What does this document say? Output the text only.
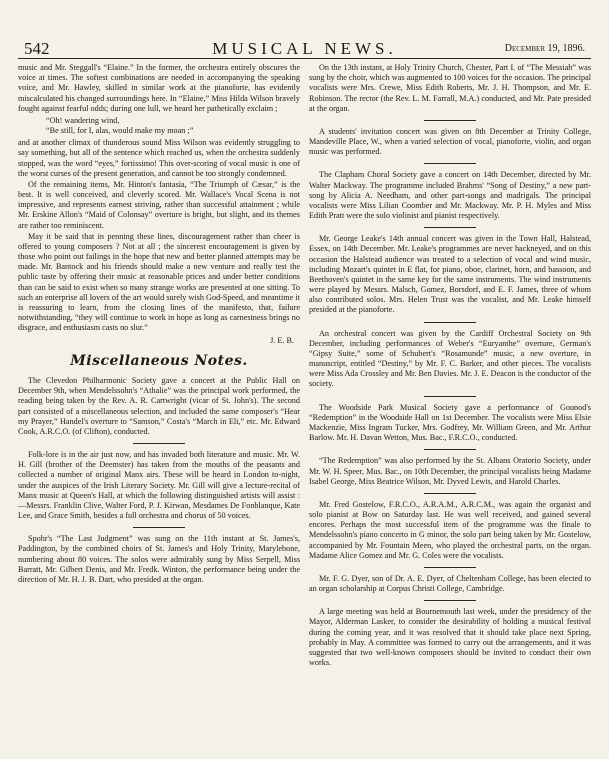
542	MUSICAL NEWS.	December 19, 1896.

music and Mr. Steggall's “Elaine.” In the former, the orchestra entirely obscures the voice at times. The softest combinations are needed in accompanying the speaking voice, and Mr. Hawley, skilled in similar work at the pianoforte, has evidently miscalculated his changed surroundings here. In “Elaine,” Miss Hilda Wilson bravely fought against fearful odds; during one lull, we heard her pathetically exclaim ;

“Oh! wandering wind,
“Be still, for I, alas, would make my moan ;”

and at another climax of thunderous sound Miss Wilson was evidently struggling to say something, but all of the sentence which reached us, when the orchestra suddenly stopped, was the word “eyes,” fortissimo! This over-scoring of vocal music is one of the worst curses of the present generation, and cannot be too strongly condemned.

Of the remaining items, Mr. Hinton's fantasia, “The Triumph of Cæsar,” is the best. It is well conceived, and cleverly scored. Mr. Wallace's Vocal Scena is not impressive, and represents earnest striving, rather than successful attainment ; while Mr. Erskine Allon's “Maid of Colonsay” overture is bright, but slight, and its themes are rather too reminiscent.

May it be said that in penning these lines, discouragement rather than cheer is offered to young composers ? Not at all ; the sincerest encouragement is given by those who point out failings in the hope that new and better planned attempts may be made. Mr. Bantock and his friends should make a new venture and really test the public taste by offering their music at reasonable prices and under better conditions than can be said to exist when so many strange works are presented at one sitting. To such an enterprise all lovers of the art would surely wish God-Speed, and meantime it is reassuring to learn, from the closing lines of the manifesto, that, failure notwithstanding, “they will continue to work in hope as long as carnestness brings no disgrace, and enthusiasm casts no slur.”

J. E. B.
Miscellaneous Notes.

The Clevedon Philharmonic Society gave a concert at the Public Hall on December 9th, when Mendelssohn's “Athalie” was the principal work performed, the reading being taken by the Rev. A. R. Cartwright (vicar of St. John's). The second part consisted of a miscellaneous selection, and included the same composer's “Hear my Prayer,” Handel's overture to “Samson,” Costa's “March in Eli,” etc. Mr. Edward Cook, A.R.C.O. (of Clifton), conducted.

Folk-lore is in the air just now, and has invaded both literature and music. Mr. W. H. Gill (brother of the Deemster) has taken from the mouths of the peasants and collected a number of original Manx airs. These will be heard in London to-night, under the auspices of the Irish Literary Society. Mr. Gill will give a lecture-recital of Manx music at Queen's Hall, at which the following distinguished artists will assist :—Messrs. Franklin Clive, Walter Ford, P. J. Kirwan, Mesdames De Fonblanque, Kate Lee, and Grace Smith, besides a full orchestra and chorus of 50 voices.

Spohr's “The Last Judgment” was sung on the 11th instant at St. James's, Paddington, by the combined choirs of St. James's and Holy Trinity, Marylebone, numbering about 80 voices. The solos were admirably sung by Miss Serpell, Miss Barratt, Mr. Gilbert Denis, and Mr. Fredk. Winton, the performance being under the direction of Mr. H. J. B. Dart, who presided at the organ.

On the 13th instant, at Holy Trinity Church, Chester, Part I. of “The Messiah” was sung by the choir, which was augmented to 100 voices for the occasion. The principal vocalists were Mrs. Crewe, Miss Edith Roberts, Mr. J. H. Thompson, and Mr. E. Robinson. The rector (the Rev. L. M. Farrall, M.A.) conducted, and Mr. Pate presided at the organ.

A students' invitation concert was given on 8th December at Trinity College, Mandeville Place, W., when a varied selection of vocal, pianoforte, violin, and organ music was performed.

The Clapham Choral Society gave a concert on 14th December, directed by Mr. Walter Mackway. The programme included Brahms' “Song of Destiny,” a new part-song by Alicia A. Needham, and other part-songs and madrigals. The principal vocalists were Miss Lilian Coomber and Mr. Mackway. Mr. P. H. Myles and Miss Edith Pratt were the solo violinist and pianist respectively.

Mr. George Leake's 14th annual concert was given in the Town Hall, Halstead, Essex, on 14th December. Mr. Leake's programmes are never hackneyed, and on this occasion the Halstead audience was treated to a selection of vocal and wind music, including Mozart's quintet in E flat, for piano, oboe, clarinet, horn, and bassoon, and Beethoven's quintet in the same key for the same instruments. The wind instruments were played by Messrs. Malsch, Gomez, Borsdorf, and E. F. James, three of whom also contributed solos. Mrs. Helen Trust was the vocalist, and Mr. Leake himself presided at the pianoforte.

An orchestral concert was given by the Cardiff Orchestral Society on 9th December, including performances of Weber's “Euryanthe” overture, German's “Gipsy Suite,” some of Schubert's “Rosamunde” music, a new overture, in manuscript, entitled “Destiny,” by Mr. F. C. Barker, and other pieces. The vocalists were Miss Ada Crossley and Mr. Ben Davies. Mr. J. E. Deacon is the conductor of the society.

The Woodside Park Musical Society gave a performance of Gounod's “Redemption” in the Woodside Hall on 1st December. The vocalists were Miss Elsie Mackenzie, Miss Ingram Tucker, Mrs. Godfrey, Mr. William Green, and Mr. Arthur Barlow. Mr. H. Davan Wetton, Mus. Bac., F.R.C.O., conducted.

“The Redemption” was also performed by the St. Albans Oratorio Society, under Mr. W. H. Speer, Mus. Bac., on 10th December, the principal vocalists being Madame Isabel George, Miss Beatrice Wilson, Mr. Dyved Lewis, and Harold Charles.

Mr. Fred Gostelow, F.R.C.O., A.R.A.M., A.R.C.M., was again the organist and solo pianist at Bow on Saturday last. He was well received, and gained several encores. Perhaps the most successful item of the programme was the finale to Mendelssohn's piano concerto in G minor, the solo part being taken by Mr. Gostelow, accompanied by Mr. Fountain Meen, who played the orchestral parts, on the organ. Madame Alice Gomez and Mr. G. Coles were the vocalists.

Mr. F. G. Dyer, son of Dr. A. E. Dyer, of Cheltenham College, has been elected to an organ scholarship at Corpus Christi College, Cambridge.

A large meeting was held at Bournemouth last week, under the presidency of the Mayor, Alderman Lasker, to consider the desirability of holding a musical festival during the coming year, and it was resolved that it should take place next Spring, probably in May. A committee was formed to carry out the arrangements, and it was suggested that two well-known composers should be invited to conduct their own works.
